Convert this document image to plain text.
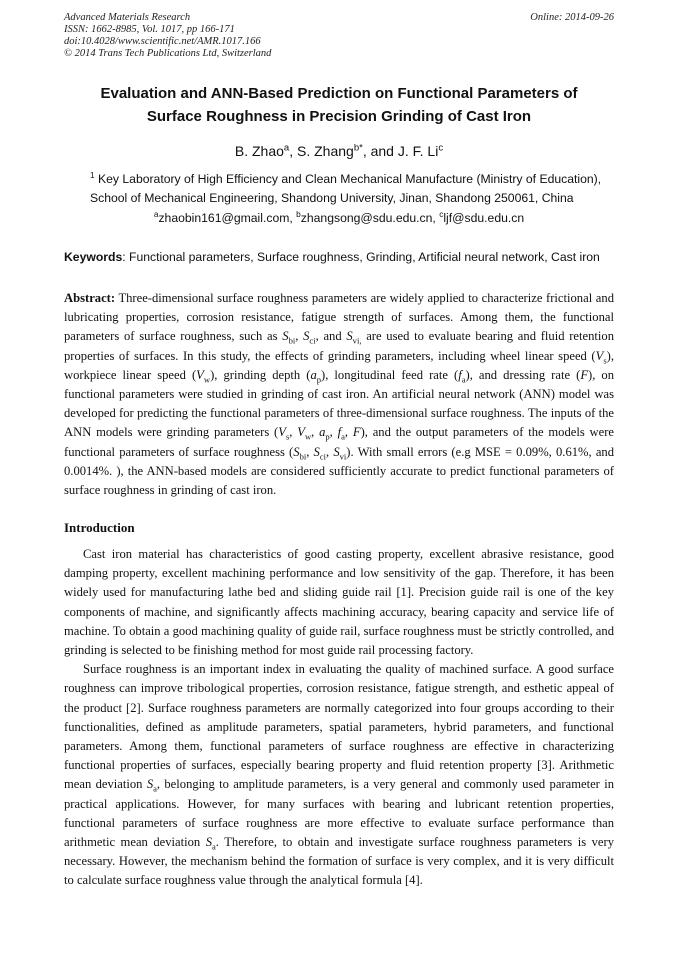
Advanced Materials Research
ISSN: 1662-8985, Vol. 1017, pp 166-171
doi:10.4028/www.scientific.net/AMR.1017.166
© 2014 Trans Tech Publications Ltd, Switzerland
Online: 2014-09-26
Evaluation and ANN-Based Prediction on Functional Parameters of
Surface Roughness in Precision Grinding of Cast Iron
B. Zhao$^a$, S. Zhang$^{b*}$, and J. F. Li$^c$
$^1$ Key Laboratory of High Efficiency and Clean Mechanical Manufacture (Ministry of Education),
School of Mechanical Engineering, Shandong University, Jinan, Shandong 250061, China
$^a$zhaobin161@gmail.com, $^b$zhangsong@sdu.edu.cn, $^c$ljf@sdu.edu.cn
Keywords: Functional parameters, Surface roughness, Grinding, Artificial neural network, Cast iron
Abstract: Three-dimensional surface roughness parameters are widely applied to characterize frictional and lubricating properties, corrosion resistance, fatigue strength of surfaces. Among them, the functional parameters of surface roughness, such as $S_{bi}$, $S_{ci}$, and $S_{vi,}$ are used to evaluate bearing and fluid retention properties of surfaces. In this study, the effects of grinding parameters, including wheel linear speed $(V_s)$, workpiece linear speed $(V_w)$, grinding depth $(a_p)$, longitudinal feed rate $(f_a)$, and dressing rate (F), on functional parameters were studied in grinding of cast iron. An artificial neural network (ANN) model was developed for predicting the functional parameters of three-dimensional surface roughness. The inputs of the ANN models were grinding parameters ($V_s$, $V_w$, $a_p$, $f_a$, F), and the output parameters of the models were functional parameters of surface roughness ($S_{bi}$, $S_{ci}$, $S_{vi}$). With small errors (e.g MSE = 0.09%, 0.61%, and 0.0014%. ), the ANN-based models are considered sufficiently accurate to predict functional parameters of surface roughness in grinding of cast iron.
Introduction

Cast iron material has characteristics of good casting property, excellent abrasive resistance, good damping property, excellent machining performance and low sensitivity of the gap. Therefore, it has been widely used for manufacturing lathe bed and sliding guide rail [1]. Precision guide rail is one of the key components of machine, and significantly affects machining accuracy, bearing capacity and service life of machine. To obtain a good machining quality of guide rail, surface roughness must be strictly controlled, and grinding is selected to be finishing method for most guide rail processing factory.

Surface roughness is an important index in evaluating the quality of machined surface. A good surface roughness can improve tribological properties, corrosion resistance, fatigue strength, and esthetic appeal of the product [2]. Surface roughness parameters are normally categorized into four groups according to their functionalities, defined as amplitude parameters, spatial parameters, hybrid parameters, and functional parameters. Among them, functional parameters of surface roughness are effective in characterizing functional properties of surfaces, especially bearing property and fluid retention property [3]. Arithmetic mean deviation $S_a$, belonging to amplitude parameters, is a very general and commonly used parameter in practical applications. However, for many surfaces with bearing and lubricant retention properties, functional parameters of surface roughness are more effective to evaluate surface performance than arithmetic mean deviation $S_a$. Therefore, to obtain and investigate surface roughness parameters is very necessary. However, the mechanism behind the formation of surface is very complex, and it is very difficult to calculate surface roughness value through the analytical formula [4].
